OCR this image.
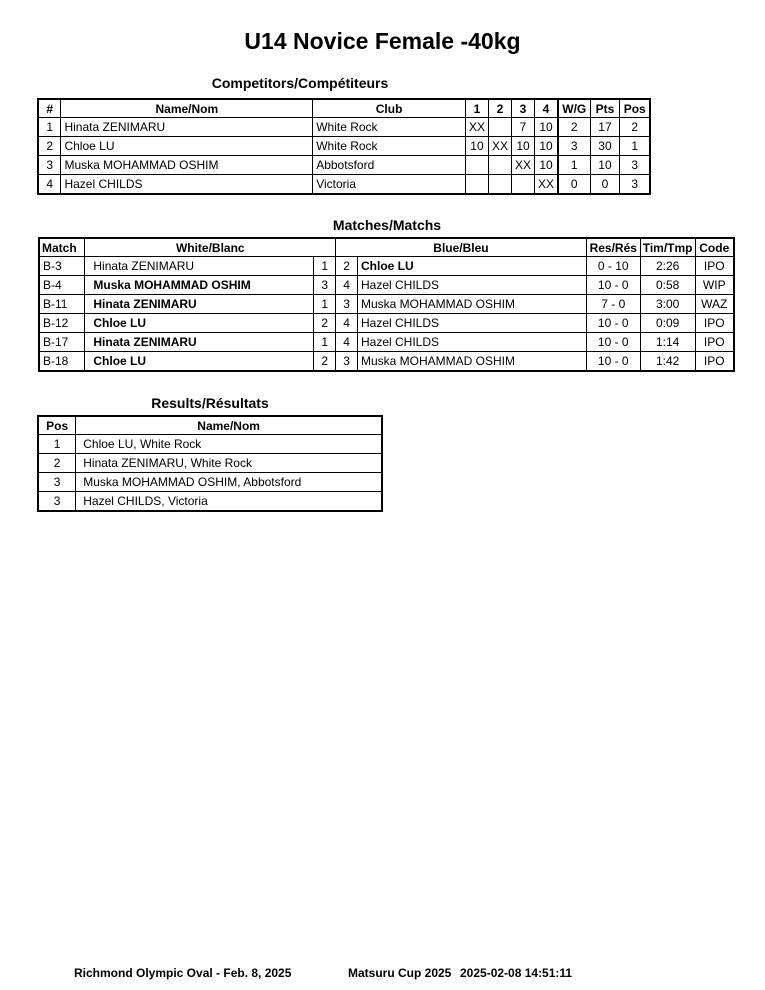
U14 Novice Female -40kg
Competitors/Compétiteurs
#	Name/Nom	Club	1	2	3	4	W/G	Pts	Pos
1	Hinata ZENIMARU	White Rock	XX		7	10	2	17	2
2	Chloe LU	White Rock	10	XX	10	10	3	30	1
3	Muska MOHAMMAD OSHIM	Abbotsford			XX	10	1	10	3
4	Hazel CHILDS	Victoria				XX	0	0	3
Matches/Matchs
Match	White/Blanc		Blue/Bleu		Res/Rés	Tim/Tmp	Code
B-3	Hinata ZENIMARU	1	2	Chloe LU	0 - 10	2:26	IPO
B-4	Muska MOHAMMAD OSHIM	3	4	Hazel CHILDS	10 - 0	0:58	WIP
B-11	Hinata ZENIMARU	1	3	Muska MOHAMMAD OSHIM	7 - 0	3:00	WAZ
B-12	Chloe LU	2	4	Hazel CHILDS	10 - 0	0:09	IPO
B-17	Hinata ZENIMARU	1	4	Hazel CHILDS	10 - 0	1:14	IPO
B-18	Chloe LU	2	3	Muska MOHAMMAD OSHIM	10 - 0	1:42	IPO
Results/Résultats
Pos	Name/Nom
1	Chloe LU, White Rock
2	Hinata ZENIMARU, White Rock
3	Muska MOHAMMAD OSHIM, Abbotsford
3	Hazel CHILDS, Victoria
Richmond Olympic Oval - Feb. 8, 2025	Matsuru Cup 2025 2025-02-08 14:51:11
